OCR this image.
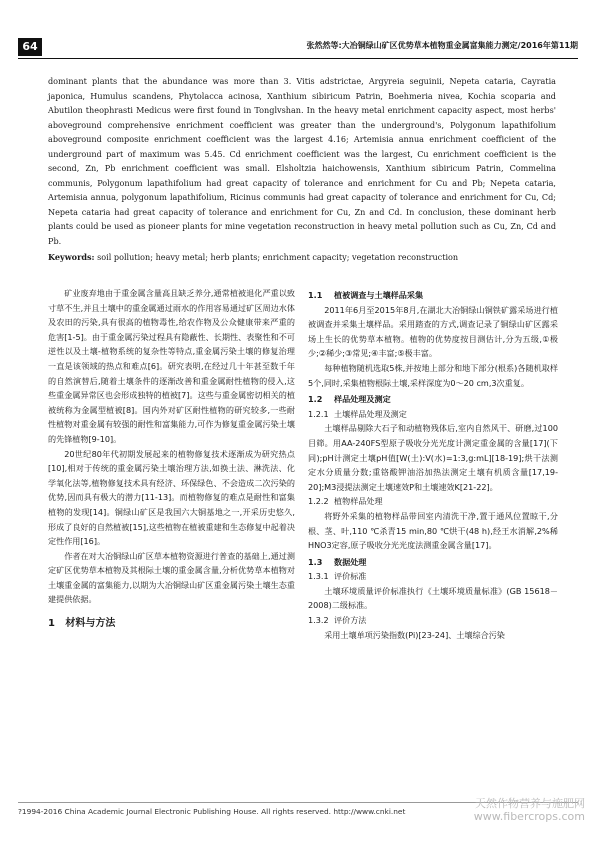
64	张然然等:大冶铜绿山矿区优势草本植物重金属富集能力测定/2016年第11期

dominant plants that the abundance was more than 3. Vitis adstrictae, Argyreia seguinii, Nepeta cataria, Cayratia japonica, Humulus scandens, Phytolacca acinosa, Xanthium sibiricum Patrin, Boehmeria nivea, Kochia scoparia and Abutilon theophrasti Medicus were first found in Tonglvshan. In the heavy metal enrichment capacity aspect, most herbs' aboveground comprehensive enrichment coefficient was greater than the underground's, Polygonum lapathifolium aboveground composite enrichment coefficient was the largest 4.16; Artemisia annua enrichment coefficient of the underground part of maximum was 5.45. Cd enrichment coefficient was the largest, Cu enrichment coefficient is the second, Zn, Pb enrichment coefficient was small. Elsholtzia haichowensis, Xanthium sibiricum Patrin, Commelina communis, Polygonum lapathifolium had great capacity of tolerance and enrichment for Cu and Pb; Nepeta cataria, Artemisia annua, polygonum lapathifolium, Ricinus communis had great capacity of tolerance and enrichment for Cu, Cd; Nepeta cataria had great capacity of tolerance and enrichment for Cu, Zn and Cd. In conclusion, these dominant herb plants could be used as pioneer plants for mine vegetation reconstruction in heavy metal pollution such as Cu, Zn, Cd and Pb.

Keywords: soil pollution; heavy metal; herb plants; enrichment capacity; vegetation reconstruction

矿业废弃地由于重金属含量高且缺乏养分,通常植被退化严重以致寸草不生,并且土壤中的重金属通过雨水的作用容易通过矿区周边水体及农田的污染,具有很高的植物毒性,给农作物及公众健康带来严重的危害[1-5]。由于重金属污染过程具有隐蔽性、长期性、表聚性和不可逆性以及土壤-植物系统的复杂性等特点,重金属污染土壤的修复治理一直是该领域的热点和难点[6]。研究表明,在经过几十年甚至数千年的自然演替后,随着土壤条件的逐渐改善和重金属耐性植物的侵入,这些重金属异常区也会形成独特的植被[7]。这些与重金属密切相关的植被统称为金属型植被[8]。国内外对矿区耐性植物的研究较多,一些耐性植物对重金属有较强的耐性和富集能力,可作为修复重金属污染土壤的先锋植物[9-10]。

20世纪80年代初期发展起来的植物修复技术逐渐成为研究热点[10],相对于传统的重金属污染土壤治理方法,如换土法、淋洗法、化学氧化法等,植物修复技术具有经济、环保绿色、不会造成二次污染的优势,因而具有极大的潜力[11-13]。而植物修复的难点是耐性和富集植物的发现[14]。铜绿山矿区是我国六大铜基地之一,开采历史悠久,形成了良好的自然植被[15],这些植物在植被重建和生态修复中起着决定性作用[16]。

作者在对大冶铜绿山矿区草本植物资源进行普查的基础上,通过测定矿区优势草本植物及其根际土壤的重金属含量,分析优势草本植物对土壤重金属的富集能力,以期为大冶铜绿山矿区重金属污染土壤生态重建提供依据。

1 材料与方法

1.1 植被调查与土壤样品采集

2011年6月至2015年8月,在湖北大冶铜绿山铜铁矿露采场进行植被调查并采集土壤样品。采用踏查的方式,调查记录了铜绿山矿区露采场上生长的优势草本植物。植物的优势度按目测估计,分为五级,①极少;②稀少;③常见;④丰富;⑤极丰富。

每种植物随机选取5株,并按地上部分和地下部分(根系)各随机取样5个,同时,采集植物根际土壤,采样深度为0～20 cm,3次重复。

1.2 样品处理及测定

1.2.1 土壤样品处理及测定

土壤样品剔除大石子和动植物残体后,室内自然风干、研磨,过100目筛。用AA-240FS型原子吸收分光光度计测定重金属的含量[17](下同);pH计测定土壤pH值[W(土):V(水)=1:3,g:mL][18-19];烘干法测定水分质量分数;重铬酸钾油浴加热法测定土壤有机质含量[17,19-20];M3浸提法测定土壤速效P和土壤速效K[21-22]。

1.2.2 植物样品处理

将野外采集的植物样品带回室内清洗干净,置于通风位置晾干,分根、茎、叶,110 ℃杀青15 min,80 ℃烘干(48 h),经王水消解,2%稀HNO3定容,原子吸收分光光度法测重金属含量[17]。

1.3 数据处理

1.3.1 评价标准

土壤环境质量评价标准执行《土壤环境质量标准》(GB 15618－2008)二级标准。

1.3.2 评价方法

采用土壤单项污染指数(Pi)[23-24]、土壤综合污染

?1994-2016 China Academic Journal Electronic Publishing House. All rights reserved. http://www.cnki.net
天然作物营养与施肥网
www.fibercrops.com
